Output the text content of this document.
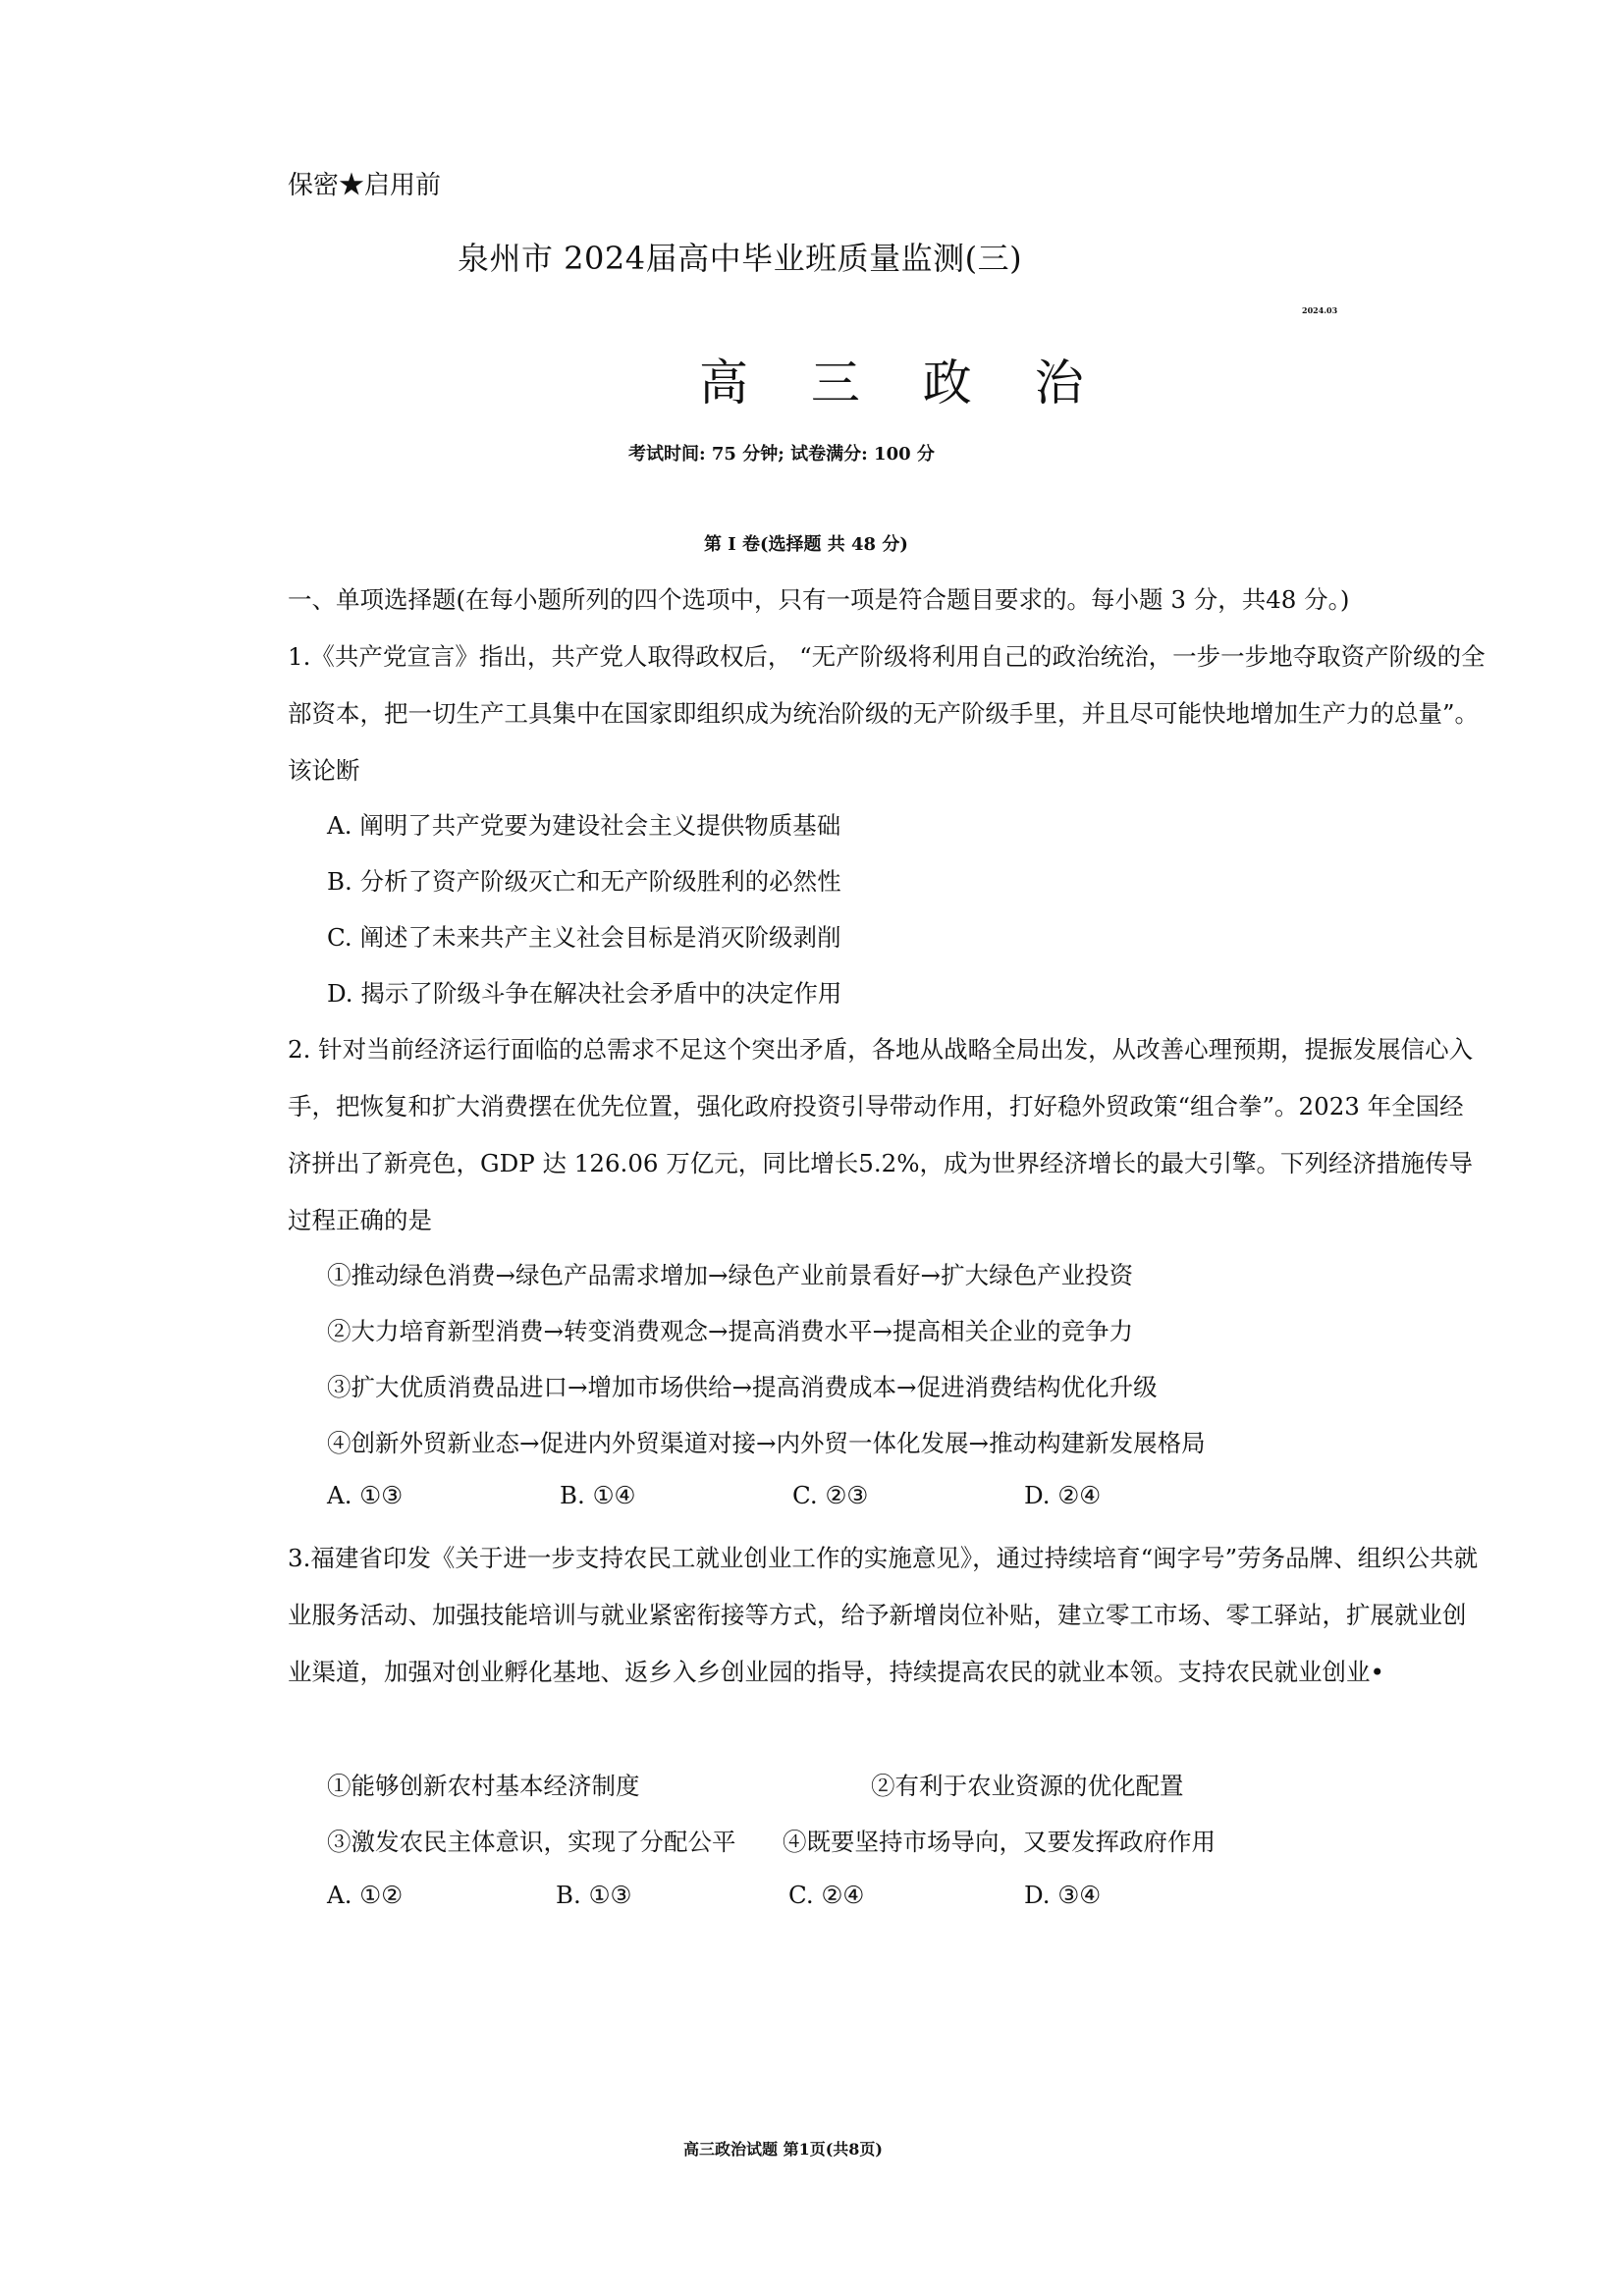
保密★启用前
泉州市 2024届高中毕业班质量监测(三)
2024.03
高 三 政 治
考试时间: 75 分钟; 试卷满分: 100 分
第 I 卷(选择题 共 48 分)
一、单项选择题(在每小题所列的四个选项中，只有一项是符合题目要求的。每小题 3 分，共48 分。)
1.《共产党宣言》指出，共产党人取得政权后， “无产阶级将利用自己的政治统治，一步一步地夺取资产阶级的全部资本，把一切生产工具集中在国家即组织成为统治阶级的无产阶级手里，并且尽可能快地增加生产力的总量”。该论断
A. 阐明了共产党要为建设社会主义提供物质基础
B. 分析了资产阶级灭亡和无产阶级胜利的必然性
C. 阐述了未来共产主义社会目标是消灭阶级剥削
D. 揭示了阶级斗争在解决社会矛盾中的决定作用
2. 针对当前经济运行面临的总需求不足这个突出矛盾，各地从战略全局出发，从改善心理预期，提振发展信心入手，把恢复和扩大消费摆在优先位置，强化政府投资引导带动作用，打好稳外贸政策“组合拳”。2023 年全国经济拼出了新亮色，GDP 达 126.06 万亿元，同比增长5.2%，成为世界经济增长的最大引擎。下列经济措施传导过程正确的是
①推动绿色消费→绿色产品需求增加→绿色产业前景看好→扩大绿色产业投资
②大力培育新型消费→转变消费观念→提高消费水平→提高相关企业的竞争力
③扩大优质消费品进口→增加市场供给→提高消费成本→促进消费结构优化升级
④创新外贸新业态→促进内外贸渠道对接→内外贸一体化发展→推动构建新发展格局
A. ①③	B. ①④	C. ②③	D. ②④
3.福建省印发《关于进一步支持农民工就业创业工作的实施意见》，通过持续培育“闽字号”劳务品牌、组织公共就业服务活动、加强技能培训与就业紧密衔接等方式，给予新增岗位补贴，建立零工市场、零工驿站，扩展就业创业渠道，加强对创业孵化基地、返乡入乡创业园的指导，持续提高农民的就业本领。支持农民就业创业•
①能够创新农村基本经济制度	②有利于农业资源的优化配置
③激发农民主体意识，实现了分配公平 ④既要坚持市场导向，又要发挥政府作用
A. ①②	B. ①③	C. ②④	D. ③④
高三政治试题 第1页(共8页)
